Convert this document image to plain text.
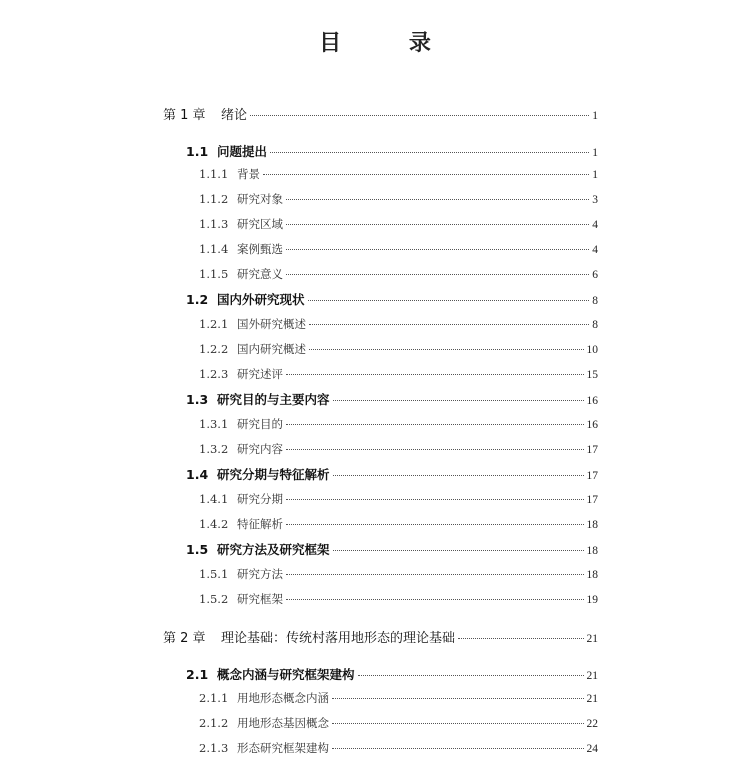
目 录
第 1 章	绪论	1
1.1 问题提出	1
1.1.1 背景	1
1.1.2 研究对象	3
1.1.3 研究区域	4
1.1.4 案例甄选	4
1.1.5 研究意义	6
1.2 国内外研究现状	8
1.2.1 国外研究概述	8
1.2.2 国内研究概述	10
1.2.3 研究述评	15
1.3 研究目的与主要内容	16
1.3.1 研究目的	16
1.3.2 研究内容	17
1.4 研究分期与特征解析	17
1.4.1 研究分期	17
1.4.2 特征解析	18
1.5 研究方法及研究框架	18
1.5.1 研究方法	18
1.5.2 研究框架	19
第 2 章	理论基础：传统村落用地形态的理论基础	21
2.1 概念内涵与研究框架建构	21
2.1.1 用地形态概念内涵	21
2.1.2 用地形态基因概念	22
2.1.3 形态研究框架建构	24
